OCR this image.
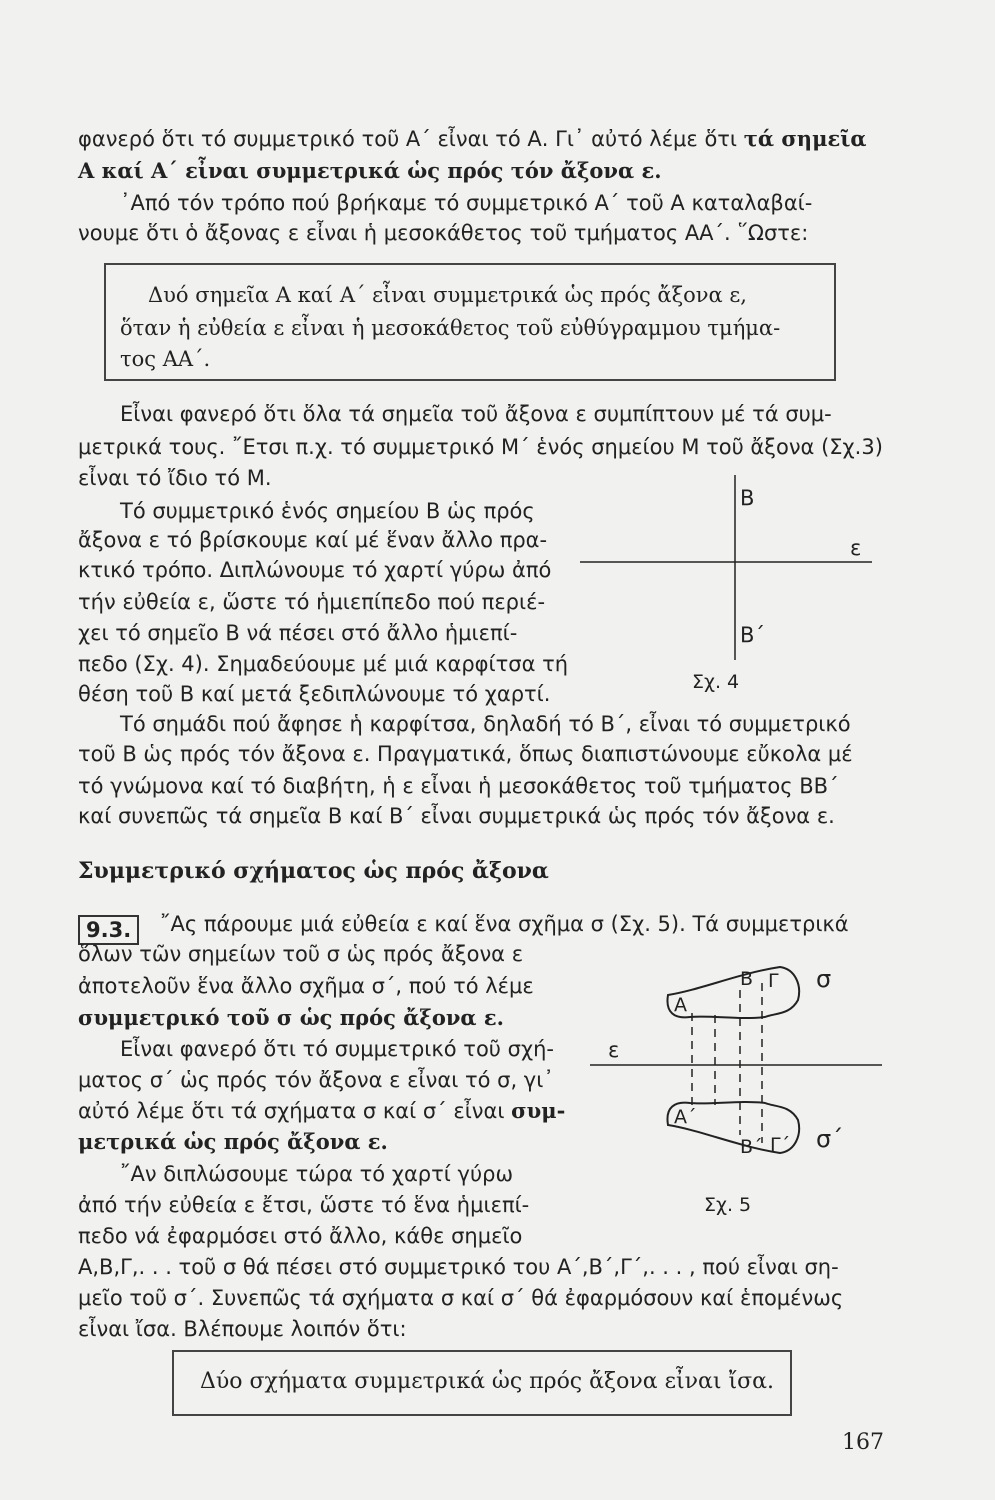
φανερό ὅτι τό συμμετρικό τοῦ Α΄ εἶναι τό Α. Γι᾿ αὐτό λέμε ὅτι τά σημεῖα
Α καί Α΄ εἶναι συμμετρικά ὡς πρός τόν ἄξονα ε.
᾿Από τόν τρόπο πού βρήκαμε τό συμμετρικό Α΄ τοῦ Α καταλαβαί-
νουμε ὅτι ὁ ἄξονας ε εἶναι ἡ μεσοκάθετος τοῦ τμήματος ΑΑ΄. ῞Ωστε:
Δυό σημεῖα Α καί Α΄ εἶναι συμμετρικά ὡς πρός ἄξονα ε,
ὅταν ἡ εὐθεία ε εἶναι ἡ μεσοκάθετος τοῦ εὐθύγραμμου τμήμα-
τος ΑΑ΄.
Εἶναι φανερό ὅτι ὅλα τά σημεῖα τοῦ ἄξονα ε συμπίπτουν μέ τά συμ-
μετρικά τους. ῎Ετσι π.χ. τό συμμετρικό Μ΄ ἑνός σημείου Μ τοῦ ἄξονα (Σχ.3)
εἶναι τό ἴδιο τό Μ.
Τό συμμετρικό ἑνός σημείου Β ὡς πρός
ἄξονα ε τό βρίσκουμε καί μέ ἕναν ἄλλο πρα-
κτικό τρόπο. Διπλώνουμε τό χαρτί γύρω ἀπό
τήν εὐθεία ε, ὥστε τό ἡμιεπίπεδο πού περιέ-
χει τό σημεῖο Β νά πέσει στό ἄλλο ἡμιεπί-
πεδο (Σχ. 4). Σημαδεύουμε μέ μιά καρφίτσα τή
θέση τοῦ Β καί μετά ξεδιπλώνουμε τό χαρτί.
Β
ε
Β΄
Σχ. 4
Τό σημάδι πού ἄφησε ἡ καρφίτσα, δηλαδή τό Β΄, εἶναι τό συμμετρικό
τοῦ Β ὡς πρός τόν ἄξονα ε. Πραγματικά, ὅπως διαπιστώνουμε εὔκολα μέ
τό γνώμονα καί τό διαβήτη, ἡ ε εἶναι ἡ μεσοκάθετος τοῦ τμήματος ΒΒ΄
καί συνεπῶς τά σημεῖα Β καί Β΄ εἶναι συμμετρικά ὡς πρός τόν ἄξονα ε.
Συμμετρικό σχήματος ὡς πρός ἄξονα
9.3.	῎Ας πάρουμε μιά εὐθεία ε καί ἕνα σχῆμα σ (Σχ. 5). Τά συμμετρικά
ὅλων τῶν σημείων τοῦ σ ὡς πρός ἄξονα ε
ἀποτελοῦν ἕνα ἄλλο σχῆμα σ΄, πού τό λέμε
συμμετρικό τοῦ σ ὡς πρός ἄξονα ε.
Εἶναι φανερό ὅτι τό συμμετρικό τοῦ σχή-
ματος σ΄ ὡς πρός τόν ἄξονα ε εἶναι τό σ, γι᾿
αὐτό λέμε ὅτι τά σχήματα σ καί σ΄ εἶναι συμ-
μετρικά ὡς πρός ἄξονα ε.
῎Αν διπλώσουμε τώρα τό χαρτί γύρω
ἀπό τήν εὐθεία ε ἔτσι, ὥστε τό ἕνα ἡμιεπί-
πεδο νά ἐφαρμόσει στό ἄλλο, κάθε σημεῖο
Α,Β,Γ,. . . τοῦ σ θά πέσει στό συμμετρικό του Α΄,Β΄,Γ΄,. . . , πού εἶναι ση-
μεῖο τοῦ σ΄. Συνεπῶς τά σχήματα σ καί σ΄ θά ἐφαρμόσουν καί ἑπομένως
εἶναι ἴσα. Βλέπουμε λοιπόν ὅτι:
Β Γ σ
Α
ε
Α΄
Β΄ Γ΄ σ΄
Σχ. 5
Δύο σχήματα συμμετρικά ὡς πρός ἄξονα εἶναι ἴσα.
167
